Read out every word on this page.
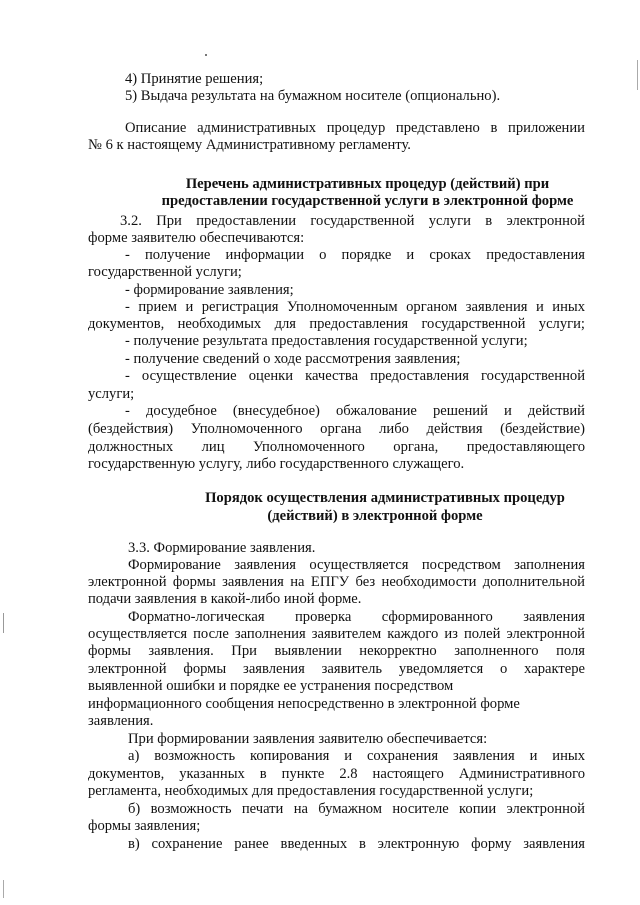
4) Принятие решения;
5) Выдача результата на бумажном носителе (опционально).
Описание административных процедур представлено в приложении
№ 6 к настоящему Административному регламенту.
Перечень административных процедур (действий) при
предоставлении государственной услуги в электронной форме
3.2. При предоставлении государственной услуги в электронной
форме заявителю обеспечиваются:
- получение информации о порядке и сроках предоставления
государственной услуги;
- формирование заявления;
- прием и регистрация Уполномоченным органом заявления и иных
документов, необходимых для предоставления государственной услуги;
- получение результата предоставления государственной услуги;
- получение сведений о ходе рассмотрения заявления;
- осуществление оценки качества предоставления государственной
услуги;
- досудебное (внесудебное) обжалование решений и действий
(бездействия) Уполномоченного органа либо действия (бездействие)
должностных лиц Уполномоченного органа, предоставляющего
государственную услугу, либо государственного служащего.
Порядок осуществления административных процедур
(действий) в электронной форме
3.3. Формирование заявления.
Формирование заявления осуществляется посредством заполнения
электронной формы заявления на ЕПГУ без необходимости дополнительной
подачи заявления в какой-либо иной форме.
Форматно-логическая проверка сформированного заявления
осуществляется после заполнения заявителем каждого из полей электронной
формы заявления. При выявлении некорректно заполненного поля
электронной формы заявления заявитель уведомляется о характере
выявленной ошибки и порядке ее устранения посредством
информационного сообщения непосредственно в электронной форме
заявления.
При формировании заявления заявителю обеспечивается:
а) возможность копирования и сохранения заявления и иных
документов, указанных в пункте 2.8 настоящего Административного
регламента, необходимых для предоставления государственной услуги;
б) возможность печати на бумажном носителе копии электронной
формы заявления;
в) сохранение ранее введенных в электронную форму заявления
